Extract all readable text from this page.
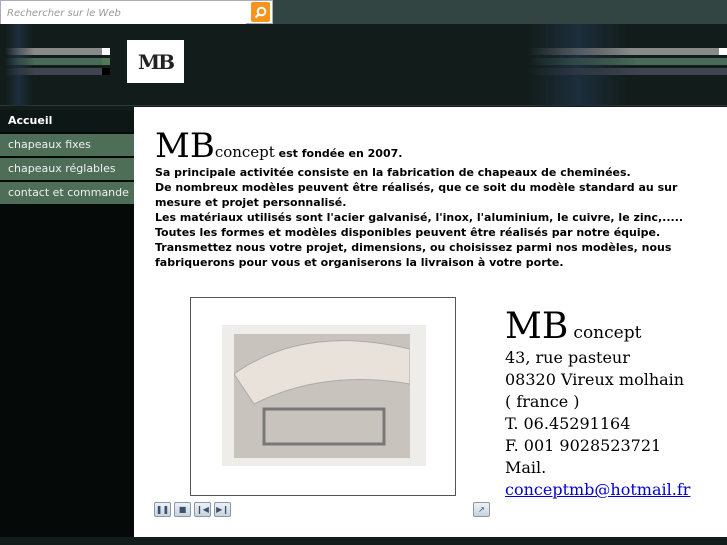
Rechercher sur le Web
MB
Accueil
chapeaux fixes
chapeaux réglables
contact et commande
MBconcept est fondée en 2007.
Sa principale activitée consiste en la fabrication de chapeaux de cheminées.
De nombreux modèles peuvent être réalisés, que ce soit du modèle standard au sur mesure et projet personnalisé.
Les matériaux utilisés sont l'acier galvanisé, l'inox, l'aluminium, le cuivre, le zinc,.....
Toutes les formes et modèles disponibles peuvent être réalisés par notre équipe.
Transmettez nous votre projet, dimensions, ou choisissez parmi nos modèles, nous fabriquerons pour vous et organiserons la livraison à votre porte.
❚❚ ■ ❙◀ ▶❙	↗
MB concept
43, rue pasteur
08320 Vireux molhain
( france )
T. 06.45291164
F. 001 9028523721
Mail.
conceptmb@hotmail.fr
